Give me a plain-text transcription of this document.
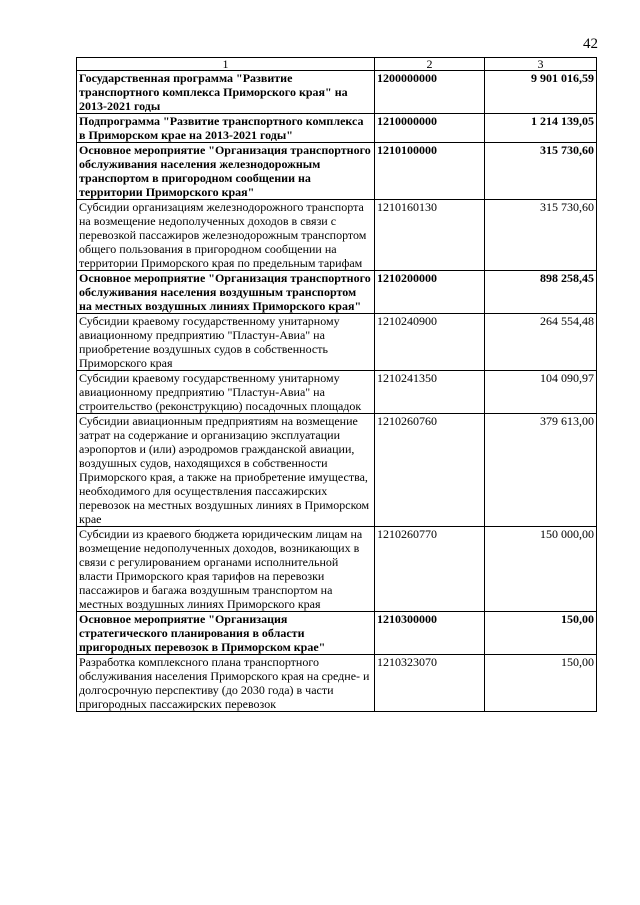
42
1	2	3
Государственная программа "Развитие транспортного комплекса Приморского края" на 2013-2021 годы	1200000000	9 901 016,59
Подпрограмма "Развитие транспортного комплекса в Приморском крае на 2013-2021 годы"	1210000000	1 214 139,05
Основное мероприятие "Организация транспортного обслуживания населения железнодорожным транспортом в пригородном сообщении на территории Приморского края"	1210100000	315 730,60
Субсидии организациям железнодорожного транспорта на возмещение недополученных доходов в связи с перевозкой пассажиров железнодорожным транспортом общего пользования в пригородном сообщении на территории Приморского края по предельным тарифам	1210160130	315 730,60
Основное мероприятие "Организация транспортного обслуживания населения воздушным транспортом на местных воздушных линиях Приморского края"	1210200000	898 258,45
Субсидии краевому государственному унитарному авиационному предприятию "Пластун-Авиа" на приобретение воздушных судов в собственность Приморского края	1210240900	264 554,48
Субсидии краевому государственному унитарному авиационному предприятию "Пластун-Авиа" на строительство (реконструкцию) посадочных площадок	1210241350	104 090,97
Субсидии авиационным предприятиям на возмещение затрат на содержание и организацию эксплуатации аэропортов и (или) аэродромов гражданской авиации, воздушных судов, находящихся в собственности Приморского края, а также на приобретение имущества, необходимого для осуществления пассажирских перевозок на местных воздушных линиях в Приморском крае	1210260760	379 613,00
Субсидии из краевого бюджета юридическим лицам на возмещение недополученных доходов, возникающих в связи с регулированием органами исполнительной власти Приморского края тарифов на перевозки пассажиров и багажа воздушным транспортом на местных воздушных линиях Приморского края	1210260770	150 000,00
Основное мероприятие "Организация стратегического планирования в области пригородных перевозок в Приморском крае"	1210300000	150,00
Разработка комплексного плана транспортного обслуживания населения Приморского края на средне- и долгосрочную перспективу (до 2030 года) в части пригородных пассажирских перевозок	1210323070	150,00
